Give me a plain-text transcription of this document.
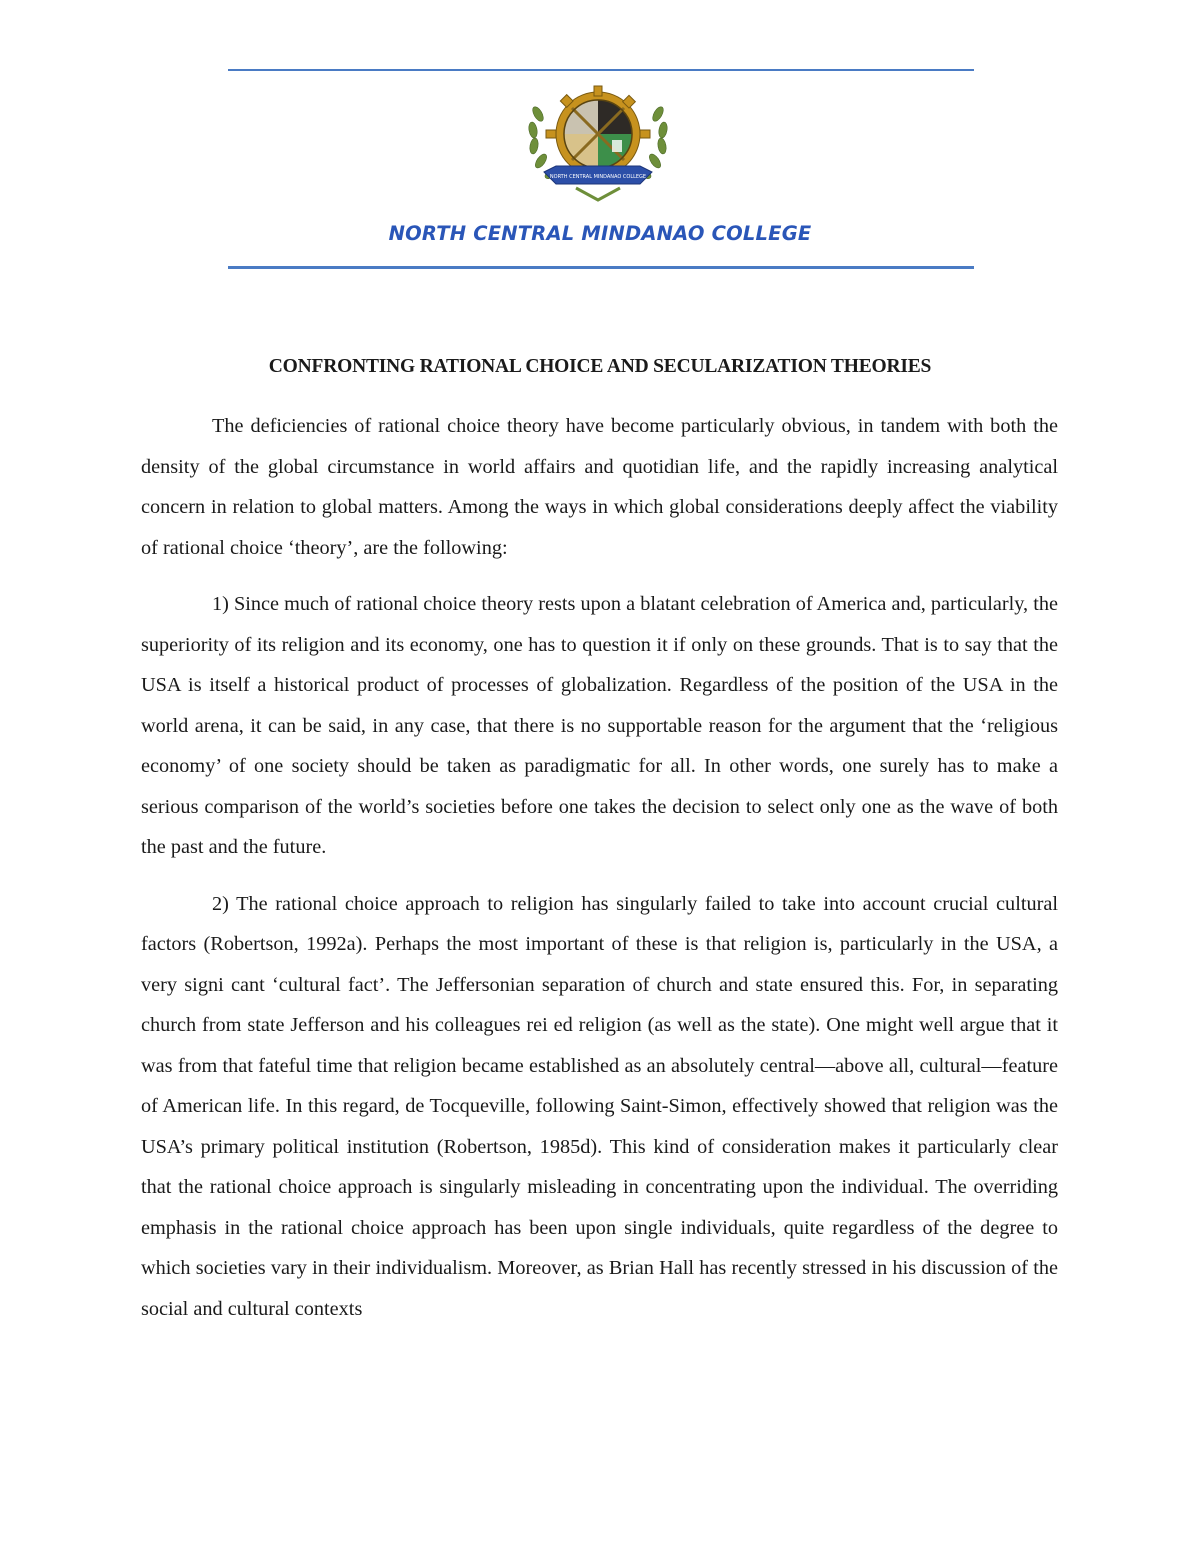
NORTH CENTRAL MINDANAO COLLEGE
NORTH CENTRAL MINDANAO COLLEGE
CONFRONTING RATIONAL CHOICE AND SECULARIZATION THEORIES

The deficiencies of rational choice theory have become particularly obvious, in tandem with both the density of the global circumstance in world affairs and quotidian life, and the rapidly increasing analytical concern in relation to global matters. Among the ways in which global considerations deeply affect the viability of rational choice ‘theory’, are the following:

1) Since much of rational choice theory rests upon a blatant celebration of America and, particularly, the superiority of its religion and its economy, one has to question it if only on these grounds. That is to say that the USA is itself a historical product of processes of globalization. Regardless of the position of the USA in the world arena, it can be said, in any case, that there is no supportable reason for the argument that the ‘religious economy’ of one society should be taken as paradigmatic for all. In other words, one surely has to make a serious comparison of the world’s societies before one takes the decision to select only one as the wave of both the past and the future.

2) The rational choice approach to religion has singularly failed to take into account crucial cultural factors (Robertson, 1992a). Perhaps the most important of these is that religion is, particularly in the USA, a very signi cant ‘cultural fact’. The Jeffersonian separation of church and state ensured this. For, in separating church from state Jefferson and his colleagues rei ed religion (as well as the state). One might well argue that it was from that fateful time that religion became established as an absolutely central—above all, cultural—feature of American life. In this regard, de Tocqueville, following Saint-Simon, effectively showed that religion was the USA’s primary political institution (Robertson, 1985d). This kind of consideration makes it particularly clear that the rational choice approach is singularly misleading in concentrating upon the individual. The overriding emphasis in the rational choice approach has been upon single individuals, quite regardless of the degree to which societies vary in their individualism. Moreover, as Brian Hall has recently stressed in his discussion of the social and cultural contexts
